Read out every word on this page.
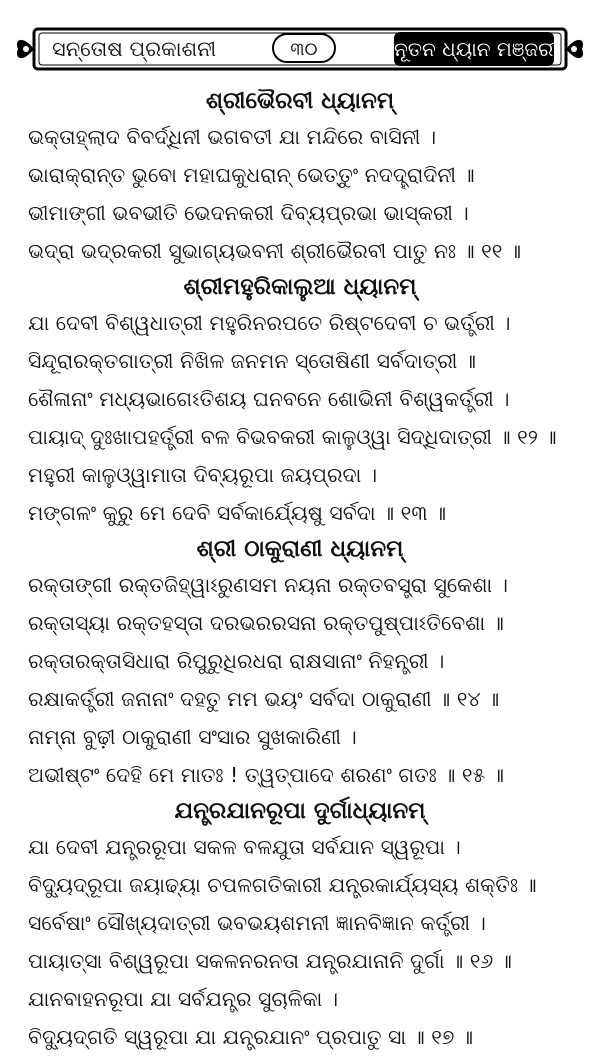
ସନ୍ତୋଷ ପ୍ରକାଶନୀ	୩୦	ନୂତନ ଧ୍ୟାନ ମଞ୍ଜରୀ
ଶ୍ରୀଭୈରବୀ ଧ୍ୟାନମ୍
ଭକ୍ତାହ୍ଲାଦ ବିବର୍ଦ୍ଧିନୀ ଭଗବତୀ ଯା ମନ୍ଦିରେ ବାସିନୀ ।
ଭାରାକ୍ରାନ୍ତ ଭୁବୋ ମହାଘକୁଧରାନ୍ ଭେତ୍ତୁଂ ନଦଦ୍ହ୍ରାଦିନୀ ॥
ଭୀମାଙ୍ଗୀ ଭବଭୀତି ଭେଦନକରୀ ଦିବ୍ୟପ୍ରଭା ଭାସ୍କରୀ ।
ଭଦ୍ରା ଭଦ୍ରକରୀ ସୁଭାଗ୍ୟଭବନୀ ଶ୍ରୀଭୈରବୀ ପାତୁ ନଃ ॥ ୧୧ ॥
ଶ୍ରୀମହୁରିକାଲୁଆ ଧ୍ୟାନମ୍
ଯା ଦେବୀ ବିଶ୍ୱଧାତ୍ରୀ ମହୁରିନରପତେ ରିଷ୍ଟଦେବୀ ଚ ଭର୍ତ୍ତ୍ରୀ ।
ସିନ୍ଦୂରାରକ୍ତଗାତ୍ରୀ ନିଖିଳ ଜନମନ ସ୍ତୋଷିଣୀ ସର୍ବଦାତ୍ରୀ ॥
ଶୈଳାନାଂ ମଧ୍ୟଭାଗେଽତିଶୟ ଘନବନେ ଶୋଭିନୀ ବିଶ୍ୱକର୍ତ୍ତ୍ରୀ ।
ପାୟାଦ୍ ଦୁଃଖାପହର୍ତ୍ତ୍ରୀ ବଳ ବିଭବକରୀ କାଳୁଓ୍ୱା ସିଦ୍ଧିଦାତ୍ରୀ ॥ ୧୨ ॥
ମହୁରୀ କାଳୁଓ୍ୱାମାତା ଦିବ୍ୟରୂପା ଜୟପ୍ରଦା ।
ମଙ୍ଗଳଂ କୁରୁ ମେ ଦେବି ସର୍ବକାର୍ଯ୍ୟେଷୁ ସର୍ବଦା ॥ ୧୩ ॥
ଶ୍ରୀ ଠାକୁରାଣୀ ଧ୍ୟାନମ୍
ରକ୍ତାଙ୍ଗୀ ରକ୍ତଜିହ୍ୱାଽରୁଣସମ ନୟନା ରକ୍ତବସ୍ତ୍ରା ସୁକେଶା ।
ରକ୍ତାସ୍ୟା ରକ୍ତହସ୍ତା ଦରଭରରସନା ରକ୍ତପୁଷ୍ପାଽତିବେଶା ॥
ରକ୍ତାରକ୍ତାସିଧାରା ରିପୁରୁଧିରଧରା ରାକ୍ଷସାନାଂ ନିହନ୍ତ୍ରୀ ।
ରକ୍ଷାକର୍ତ୍ତ୍ରୀ ଜନାନାଂ ଦହତୁ ମମ ଭୟଂ ସର୍ବଦା ଠାକୁରାଣୀ ॥ ୧୪ ॥
ନାମ୍ନା ବୁଢ଼ୀ ଠାକୁରାଣୀ ସଂସାର ସୁଖକାରିଣୀ ।
ଅଭୀଷ୍ଟଂ ଦେହି ମେ ମାତଃ ! ତ୍ୱତ୍ପାଦେ ଶରଣଂ ଗତଃ ॥ ୧୫ ॥
ଯନ୍ତ୍ରଯାନରୂପା ଦୁର୍ଗାଧ୍ୟାନମ୍
ଯା ଦେବୀ ଯନ୍ତ୍ରରୂପା ସକଳ ବଳଯୁତା ସର୍ବଯାନ ସ୍ୱରୂପା ।
ବିଦ୍ୟୁଦ୍ରୂପା ଜୟାଢ୍ୟା ଚପଳଗତିକାରୀ ଯନ୍ତ୍ରକାର୍ଯ୍ୟସ୍ୟ ଶକ୍ତିଃ ॥
ସର୍ବେଷାଂ ସୌଖ୍ୟଦାତ୍ରୀ ଭବଭୟଶମନୀ ଜ୍ଞାନବିଜ୍ଞାନ କର୍ତ୍ତ୍ରୀ ।
ପାୟାତ୍ସା ବିଶ୍ୱରୂପା ସକଳନରନତା ଯନ୍ତ୍ରଯାନାନି ଦୁର୍ଗା ॥ ୧୬ ॥
ଯାନବାହନରୂପା ଯା ସର୍ବଯନ୍ତ୍ର ସୁଚାଳିକା ।
ବିଦ୍ୟୁଦ୍ଗତି ସ୍ୱରୂପା ଯା ଯନ୍ତ୍ରଯାନଂ ପ୍ରପାତୁ ସା ॥ ୧୭ ॥
